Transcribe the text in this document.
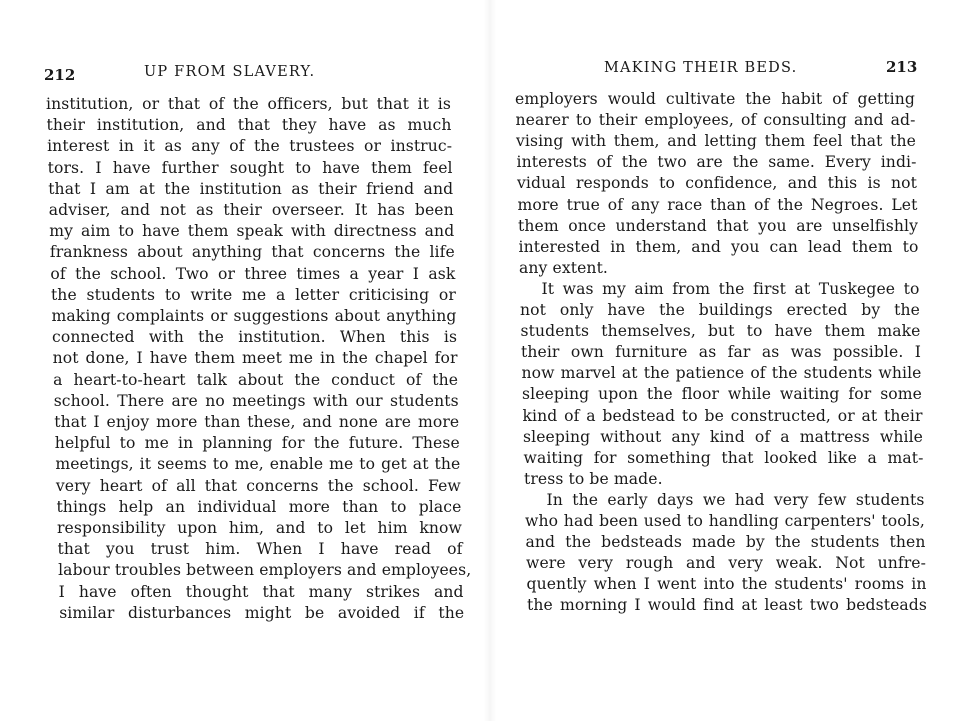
212	UP FROM SLAVERY.
institution, or that of the officers, but that it is
their institution, and that they have as much
interest in it as any of the trustees or instruc-
tors. I have further sought to have them feel
that I am at the institution as their friend and
adviser, and not as their overseer. It has been
my aim to have them speak with directness and
frankness about anything that concerns the life
of the school. Two or three times a year I ask
the students to write me a letter criticising or
making complaints or suggestions about anything
connected with the institution. When this is
not done, I have them meet me in the chapel for
a heart-to-heart talk about the conduct of the
school. There are no meetings with our students
that I enjoy more than these, and none are more
helpful to me in planning for the future. These
meetings, it seems to me, enable me to get at the
very heart of all that concerns the school. Few
things help an individual more than to place
responsibility upon him, and to let him know
that you trust him. When I have read of
labour troubles between employers and employees,
I have often thought that many strikes and
similar disturbances might be avoided if the
MAKING THEIR BEDS.	213
employers would cultivate the habit of getting
nearer to their employees, of consulting and ad-
vising with them, and letting them feel that the
interests of the two are the same. Every indi-
vidual responds to confidence, and this is not
more true of any race than of the Negroes. Let
them once understand that you are unselfishly
interested in them, and you can lead them to
any extent.
It was my aim from the first at Tuskegee to
not only have the buildings erected by the
students themselves, but to have them make
their own furniture as far as was possible. I
now marvel at the patience of the students while
sleeping upon the floor while waiting for some
kind of a bedstead to be constructed, or at their
sleeping without any kind of a mattress while
waiting for something that looked like a mat-
tress to be made.
In the early days we had very few students
who had been used to handling carpenters' tools,
and the bedsteads made by the students then
were very rough and very weak. Not unfre-
quently when I went into the students' rooms in
the morning I would find at least two bedsteads
